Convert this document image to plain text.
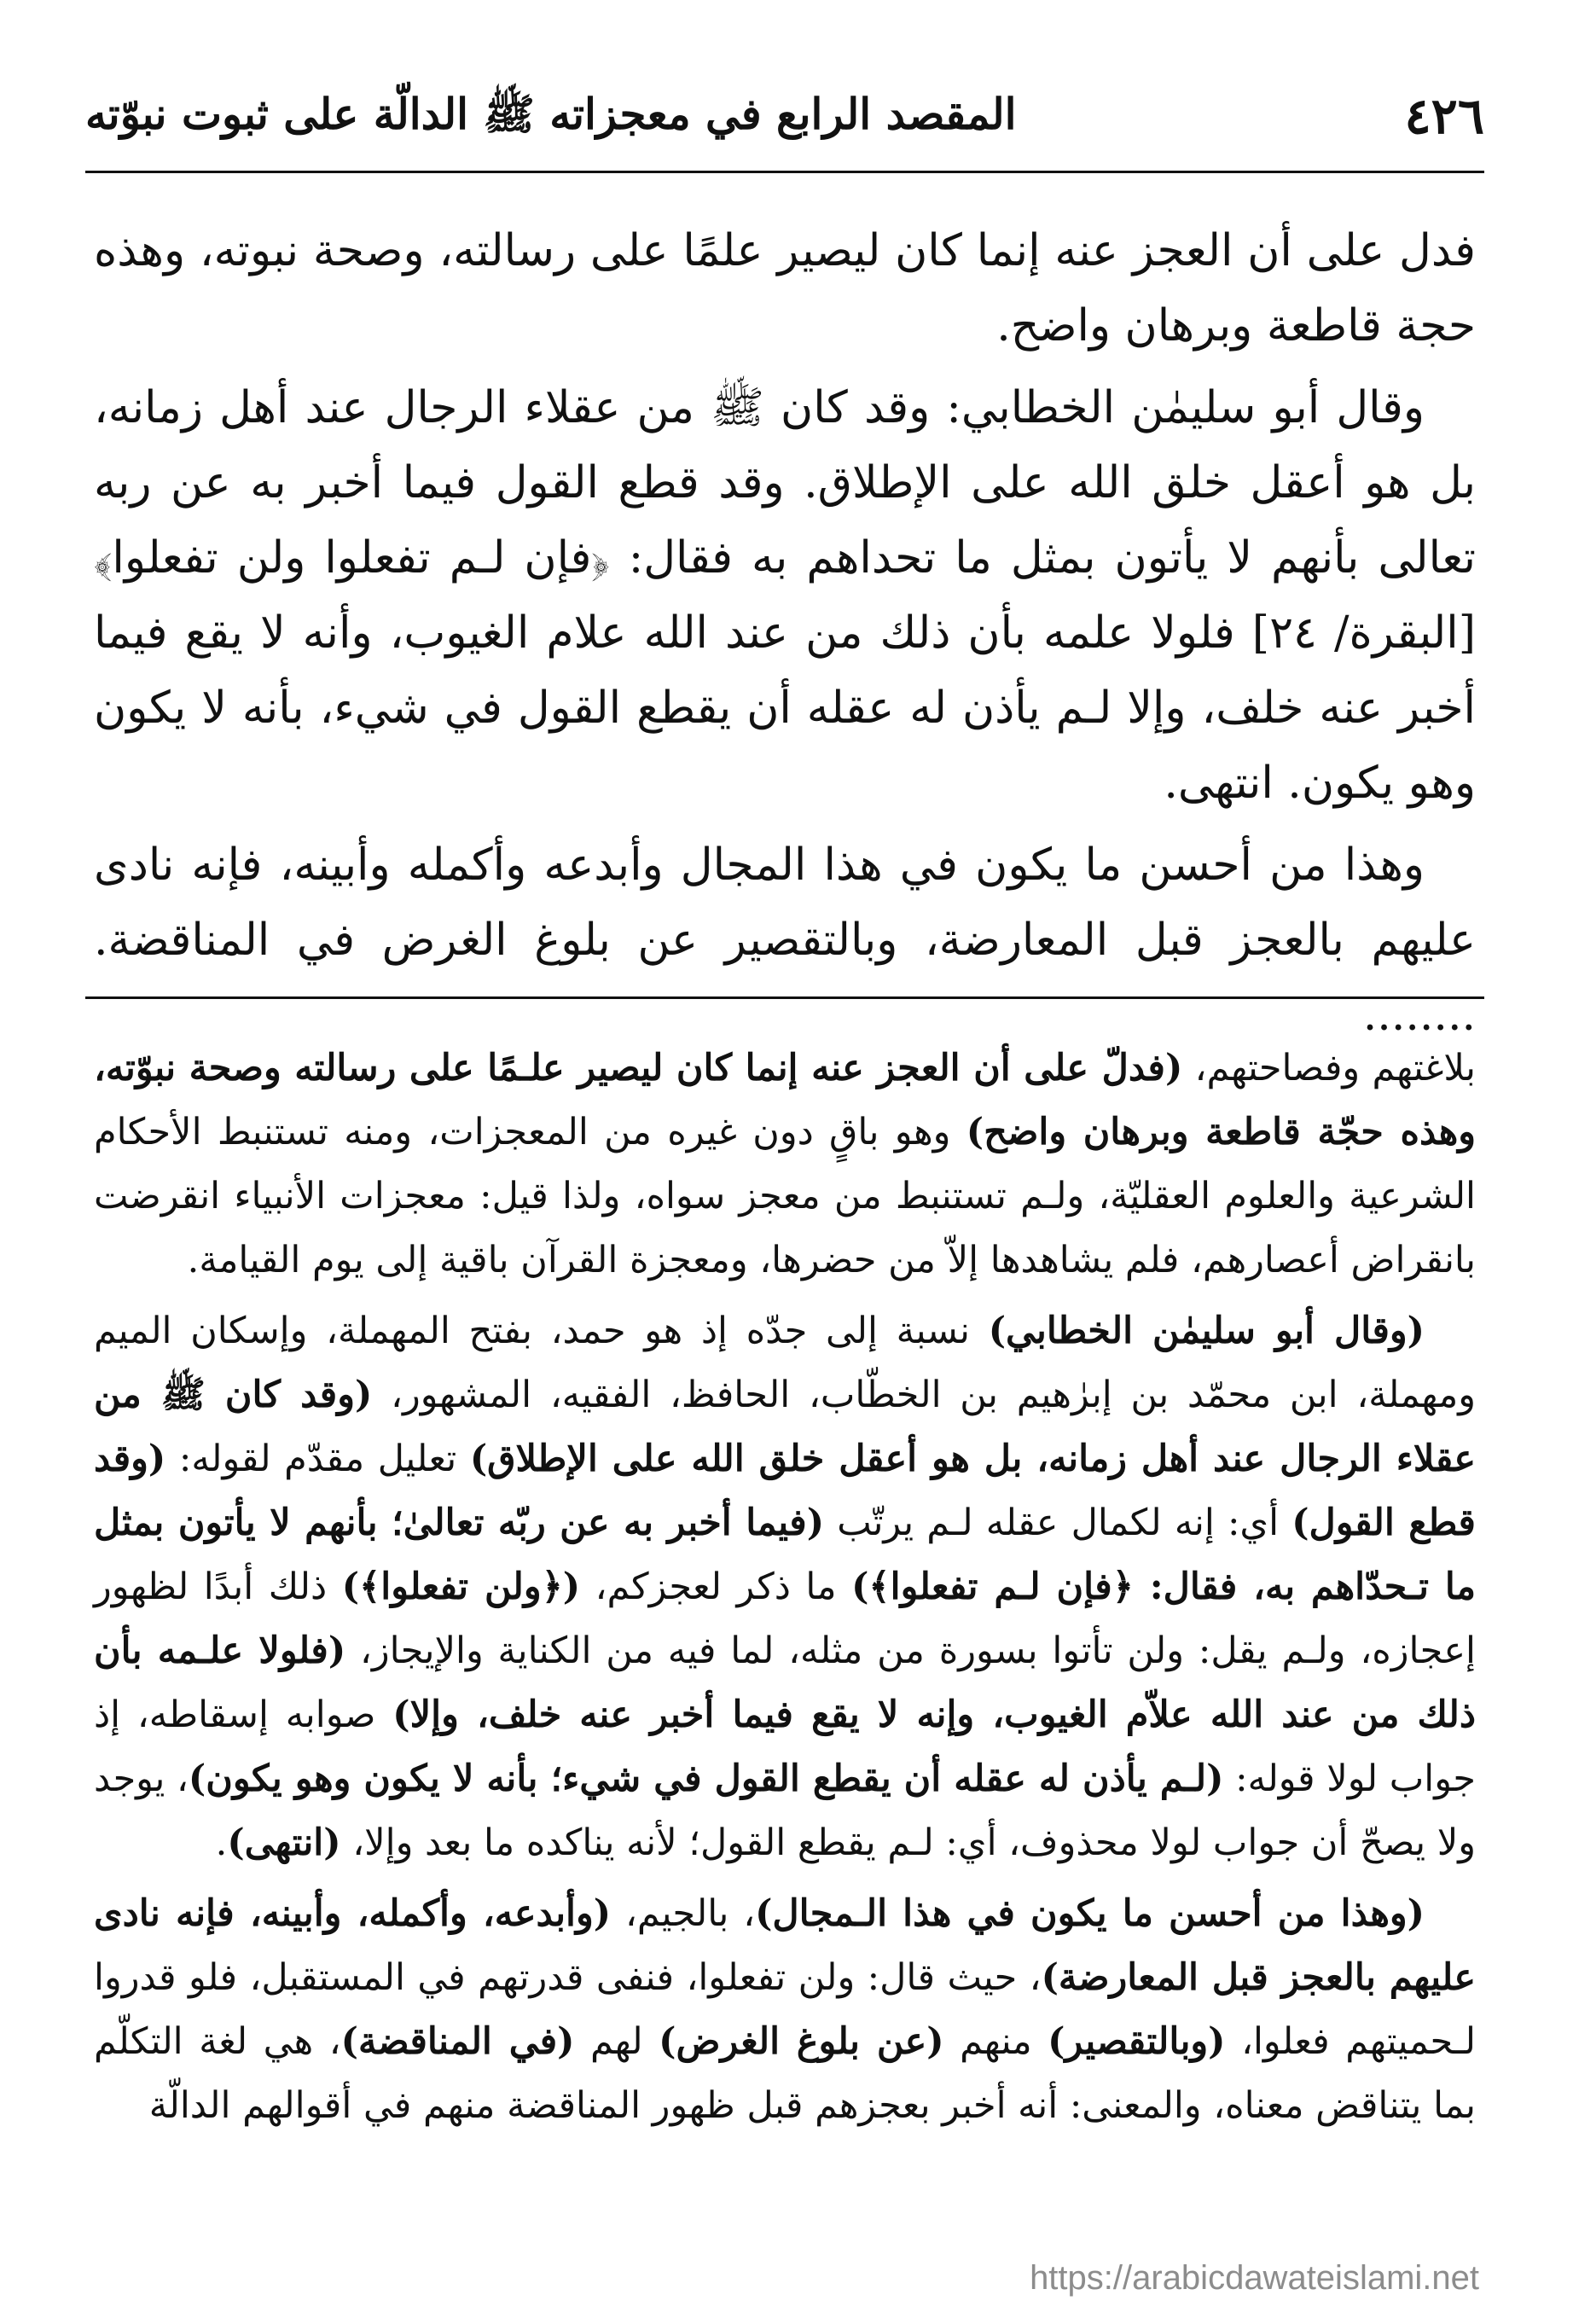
٤٢٦
المقصد الرابع في معجزاته ﷺ الدالّة على ثبوت نبوّته

فدل على أن العجز عنه إنما كان ليصير علمًا على رسالته، وصحة نبوته، وهذه حجة قاطعة وبرهان واضح.

وقال أبو سليمٰن الخطابي: وقد كان ﷺ من عقلاء الرجال عند أهل زمانه، بل هو أعقل خلق الله على الإطلاق. وقد قطع القول فيما أخبر به عن ربه تعالى بأنهم لا يأتون بمثل ما تحداهم به فقال: ﴿فإن لـم تفعلوا ولن تفعلوا﴾ [البقرة/ ٢٤] فلولا علمه بأن ذلك من عند الله علام الغيوب، وأنه لا يقع فيما أخبر عنه خلف، وإلا لـم يأذن له عقله أن يقطع القول في شيء، بأنه لا يكون وهو يكون. انتهى.

وهذا من أحسن ما يكون في هذا المجال وأبدعه وأكمله وأبينه، فإنه نادى عليهم بالعجز قبل المعارضة، وبالتقصير عن بلوغ الغرض في المناقضة. ........

بلاغتهم وفصاحتهم، (فدلّ على أن العجز عنه إنما كان ليصير علـمًا على رسالته وصحة نبوّته، وهذه حجّة قاطعة وبرهان واضح) وهو باقٍ دون غيره من المعجزات، ومنه تستنبط الأحكام الشرعية والعلوم العقليّة، ولـم تستنبط من معجز سواه، ولذا قيل: معجزات الأنبياء انقرضت بانقراض أعصارهم، فلم يشاهدها إلاّ من حضرها، ومعجزة القرآن باقية إلى يوم القيامة.

(وقال أبو سليمٰن الخطابي) نسبة إلى جدّه إذ هو حمد، بفتح المهملة، وإسكان الميم ومهملة، ابن محمّد بن إبرٰهيم بن الخطّاب، الحافظ، الفقيه، المشهور، (وقد كان ﷺ من عقلاء الرجال عند أهل زمانه، بل هو أعقل خلق الله على الإطلاق) تعليل مقدّم لقوله: (وقد قطع القول) أي: إنه لكمال عقله لـم يرتّب (فيما أخبر به عن ربّه تعالىٰ؛ بأنهم لا يأتون بمثل ما تـحدّاهم به، فقال: ﴿فإن لـم تفعلوا﴾) ما ذكر لعجزكم، (﴿ولن تفعلوا﴾) ذلك أبدًا لظهور إعجازه، ولـم يقل: ولن تأتوا بسورة من مثله، لما فيه من الكناية والإيجاز، (فلولا علـمه بأن ذلك من عند الله علاّم الغيوب، وإنه لا يقع فيما أخبر عنه خلف، وإلا) صوابه إسقاطه، إذ جواب لولا قوله: (لـم يأذن له عقله أن يقطع القول في شيء؛ بأنه لا يكون وهو يكون)، يوجد ولا يصحّ أن جواب لولا محذوف، أي: لـم يقطع القول؛ لأنه يناكده ما بعد وإلا، (انتهى).

(وهذا من أحسن ما يكون في هذا الـمجال)، بالجيم، (وأبدعه، وأكمله، وأبينه، فإنه نادى عليهم بالعجز قبل المعارضة)، حيث قال: ولن تفعلوا، فنفى قدرتهم في المستقبل، فلو قدروا لـحميتهم فعلوا، (وبالتقصير) منهم (عن بلوغ الغرض) لهم (في المناقضة)، هي لغة التكلّم بما يتناقض معناه، والمعنى: أنه أخبر بعجزهم قبل ظهور المناقضة منهم في أقوالهم الدالّة

https://arabicdawateislami.net
